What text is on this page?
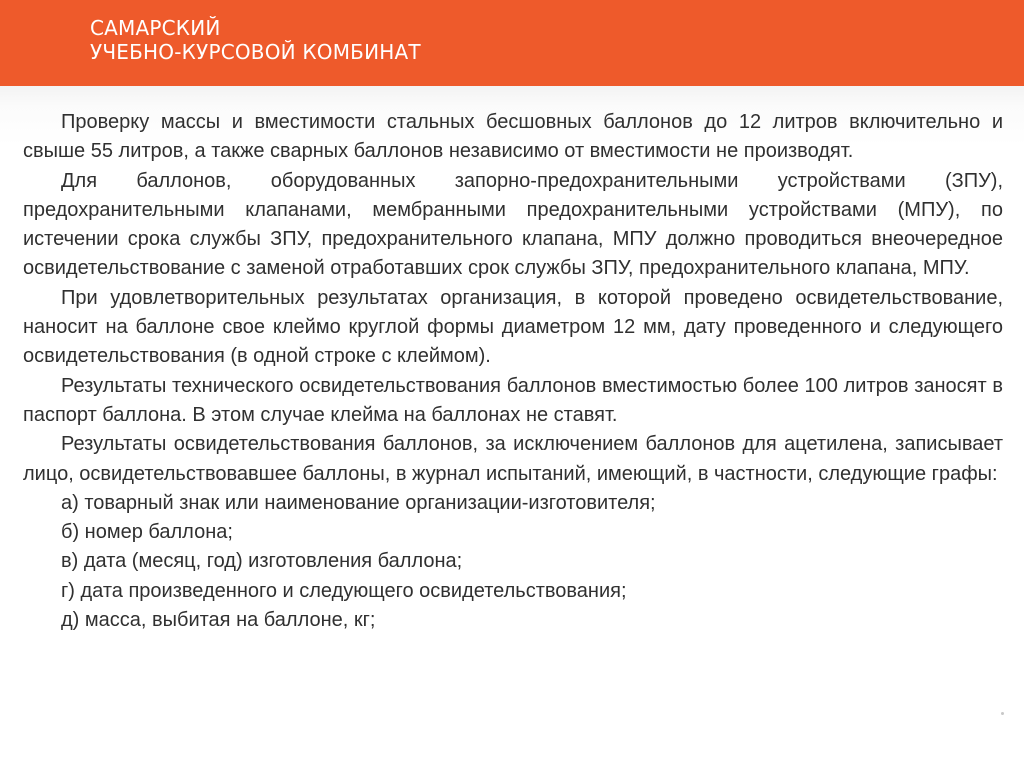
САМАРСКИЙ
УЧЕБНО-КУРСОВОЙ КОМБИНАТ

Проверку массы и вместимости стальных бесшовных баллонов до 12 литров включительно и свыше 55 литров, а также сварных баллонов независимо от вместимости не производят.

Для баллонов, оборудованных запорно-предохранительными устройствами (ЗПУ), предохранительными клапанами, мембранными предохранительными устройствами (МПУ), по истечении срока службы ЗПУ, предохранительного клапана, МПУ должно проводиться внеочередное освидетельствование с заменой отработавших срок службы ЗПУ, предохранительного клапана, МПУ.

При удовлетворительных результатах организация, в которой проведено освидетельствование, наносит на баллоне свое клеймо круглой формы диаметром 12 мм, дату проведенного и следующего освидетельствования (в одной строке с клеймом).

Результаты технического освидетельствования баллонов вместимостью более 100 литров заносят в паспорт баллона. В этом случае клейма на баллонах не ставят.

Результаты освидетельствования баллонов, за исключением баллонов для ацетилена, записывает лицо, освидетельствовавшее баллоны, в журнал испытаний, имеющий, в частности, следующие графы:

а) товарный знак или наименование организации-изготовителя;

б) номер баллона;

в) дата (месяц, год) изготовления баллона;

г) дата произведенного и следующего освидетельствования;

д) масса, выбитая на баллоне, кг;
